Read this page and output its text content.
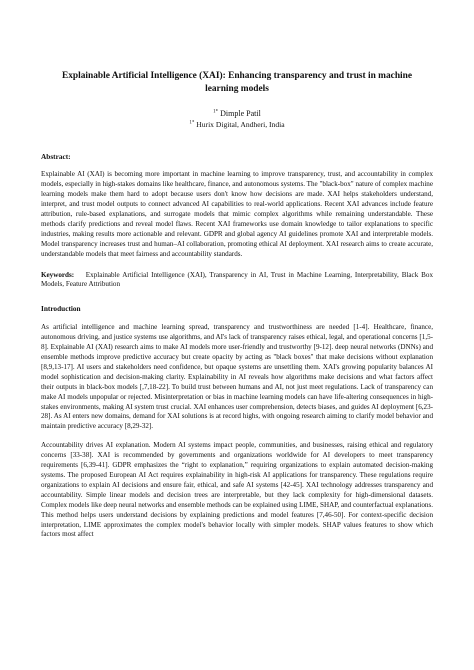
Explainable Artificial Intelligence (XAI): Enhancing transparency and trust in machine learning models
$^{1*}$ Dimple Patil
$^{1*}$ Hurix Digital, Andheri, India
Abstract:

Explainable AI (XAI) is becoming more important in machine learning to improve transparency, trust, and accountability in complex models, especially in high-stakes domains like healthcare, finance, and autonomous systems. The "black-box" nature of complex machine learning models make them hard to adopt because users don't know how decisions are made. XAI helps stakeholders understand, interpret, and trust model outputs to connect advanced AI capabilities to real-world applications. Recent XAI advances include feature attribution, rule-based explanations, and surrogate models that mimic complex algorithms while remaining understandable. These methods clarify predictions and reveal model flaws. Recent XAI frameworks use domain knowledge to tailor explanations to specific industries, making results more actionable and relevant. GDPR and global agency AI guidelines promote XAI and interpretable models. Model transparency increases trust and human–AI collaboration, promoting ethical AI deployment. XAI research aims to create accurate, understandable models that meet fairness and accountability standards.

Keywords: Explainable Artificial Intelligence (XAI), Transparency in AI, Trust in Machine Learning, Interpretability, Black Box Models, Feature Attribution

Introduction

As artificial intelligence and machine learning spread, transparency and trustworthiness are needed [1-4]. Healthcare, finance, autonomous driving, and justice systems use algorithms, and AI's lack of transparency raises ethical, legal, and operational concerns [1,5-8]. Explainable AI (XAI) research aims to make AI models more user-friendly and trustworthy [9-12]. deep neural networks (DNNs) and ensemble methods improve predictive accuracy but create opacity by acting as "black boxes" that make decisions without explanation [8,9,13-17]. AI users and stakeholders need confidence, but opaque systems are unsettling them. XAI's growing popularity balances AI model sophistication and decision-making clarity. Explainability in AI reveals how algorithms make decisions and what factors affect their outputs in black-box models [,7,18-22]. To build trust between humans and AI, not just meet regulations. Lack of transparency can make AI models unpopular or rejected. Misinterpretation or bias in machine learning models can have life-altering consequences in high-stakes environments, making AI system trust crucial. XAI enhances user comprehension, detects biases, and guides AI deployment [6,23-28]. As AI enters new domains, demand for XAI solutions is at record highs, with ongoing research aiming to clarify model behavior and maintain predictive accuracy [8,29-32].

Accountability drives AI explanation. Modern AI systems impact people, communities, and businesses, raising ethical and regulatory concerns [33-38]. XAI is recommended by governments and organizations worldwide for AI developers to meet transparency requirements [6,39-41]. GDPR emphasizes the “right to explanation,” requiring organizations to explain automated decision-making systems. The proposed European AI Act requires explainability in high-risk AI applications for transparency. These regulations require organizations to explain AI decisions and ensure fair, ethical, and safe AI systems [42-45]. XAI technology addresses transparency and accountability. Simple linear models and decision trees are interpretable, but they lack complexity for high-dimensional datasets. Complex models like deep neural networks and ensemble methods can be explained using LIME, SHAP, and counterfactual explanations. This method helps users understand decisions by explaining predictions and model features [7,46-50]. For context-specific decision interpretation, LIME approximates the complex model's behavior locally with simpler models. SHAP values features to show which factors most affect
